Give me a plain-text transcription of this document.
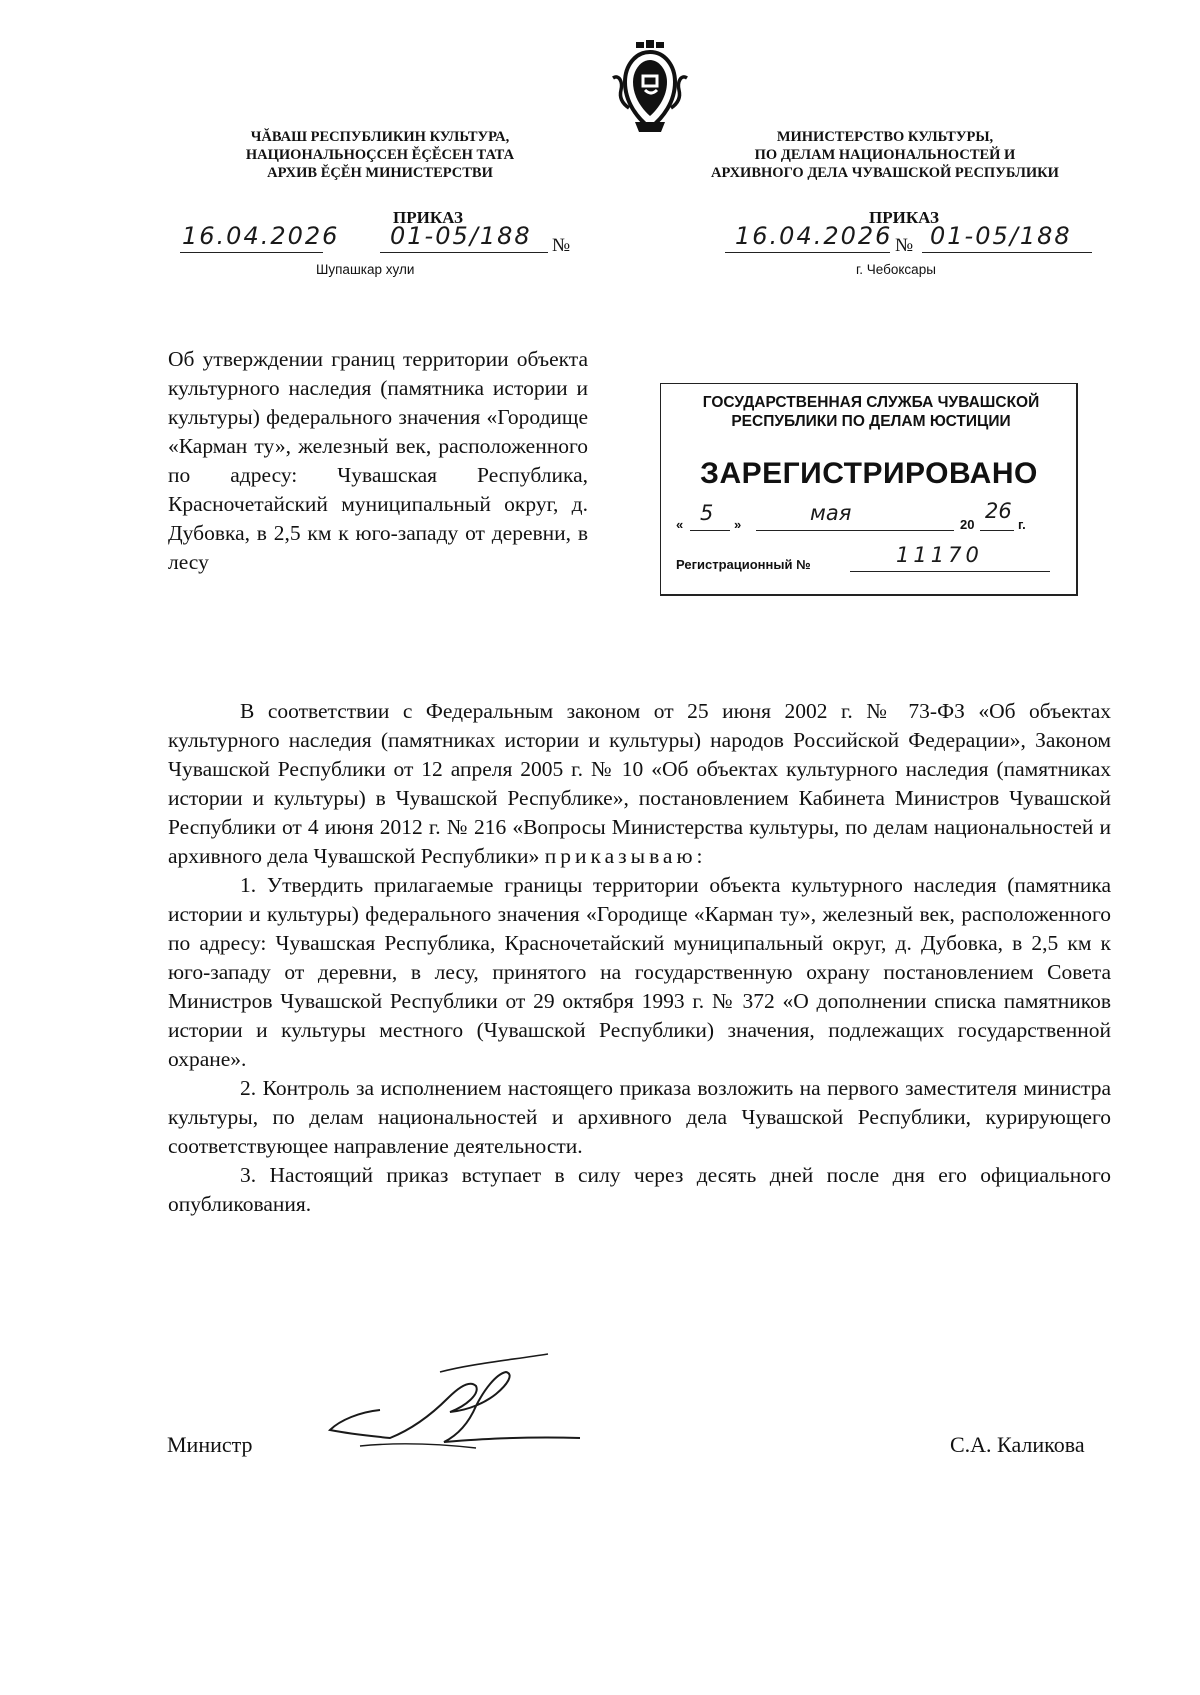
ЧĂВАШ РЕСПУБЛИКИН КУЛЬТУРА,
НАЦИОНАЛЬНОÇСЕН ĔÇĔСЕН ТАТА
АРХИВ ĔÇĔН МИНИСТЕРСТВИ
ПРИКАЗ
16.04.2026 01-05/188 №
Шупашкар хули
МИНИСТЕРСТВО КУЛЬТУРЫ,
ПО ДЕЛАМ НАЦИОНАЛЬНОСТЕЙ И
АРХИВНОГО ДЕЛА ЧУВАШСКОЙ РЕСПУБЛИКИ
ПРИКАЗ
16.04.2026 № 01-05/188
г. Чебоксары
Об утверждении границ территории объекта культурного наследия (памятника истории и культуры) федерального значения «Городище «Карман ту», железный век, расположенного по адресу: Чувашская Республика, Красночетайский муниципальный округ, д. Дубовка, в 2,5 км к юго-западу от деревни, в лесу
ГОСУДАРСТВЕННАЯ СЛУЖБА ЧУВАШСКОЙ
РЕСПУБЛИКИ ПО ДЕЛАМ ЮСТИЦИИ
ЗАРЕГИСТРИРОВАНО
« 5 »	мая	20
26
г.
Регистрационный №	11170

В соответствии с Федеральным законом от 25 июня 2002 г. № 73-ФЗ «Об объектах культурного наследия (памятниках истории и культуры) народов Российской Федерации», Законом Чувашской Республики от 12 апреля 2005 г. № 10 «Об объектах культурного наследия (памятниках истории и культуры) в Чувашской Республике», постановлением Кабинета Министров Чувашской Республики от 4 июня 2012 г. № 216 «Вопросы Министерства культуры, по делам национальностей и архивного дела Чувашской Республики» приказываю:

1. Утвердить прилагаемые границы территории объекта культурного наследия (памятника истории и культуры) федерального значения «Городище «Карман ту», железный век, расположенного по адресу: Чувашская Республика, Красночетайский муниципальный округ, д. Дубовка, в 2,5 км к юго-западу от деревни, в лесу, принятого на государственную охрану постановлением Совета Министров Чувашской Республики от 29 октября 1993 г. № 372 «О дополнении списка памятников истории и культуры местного (Чувашской Республики) значения, подлежащих государственной охране».

2. Контроль за исполнением настоящего приказа возложить на первого заместителя министра культуры, по делам национальностей и архивного дела Чувашской Республики, курирующего соответствующее направление деятельности.

3. Настоящий приказ вступает в силу через десять дней после дня его официального опубликования.

Министр	С.А. Каликова
